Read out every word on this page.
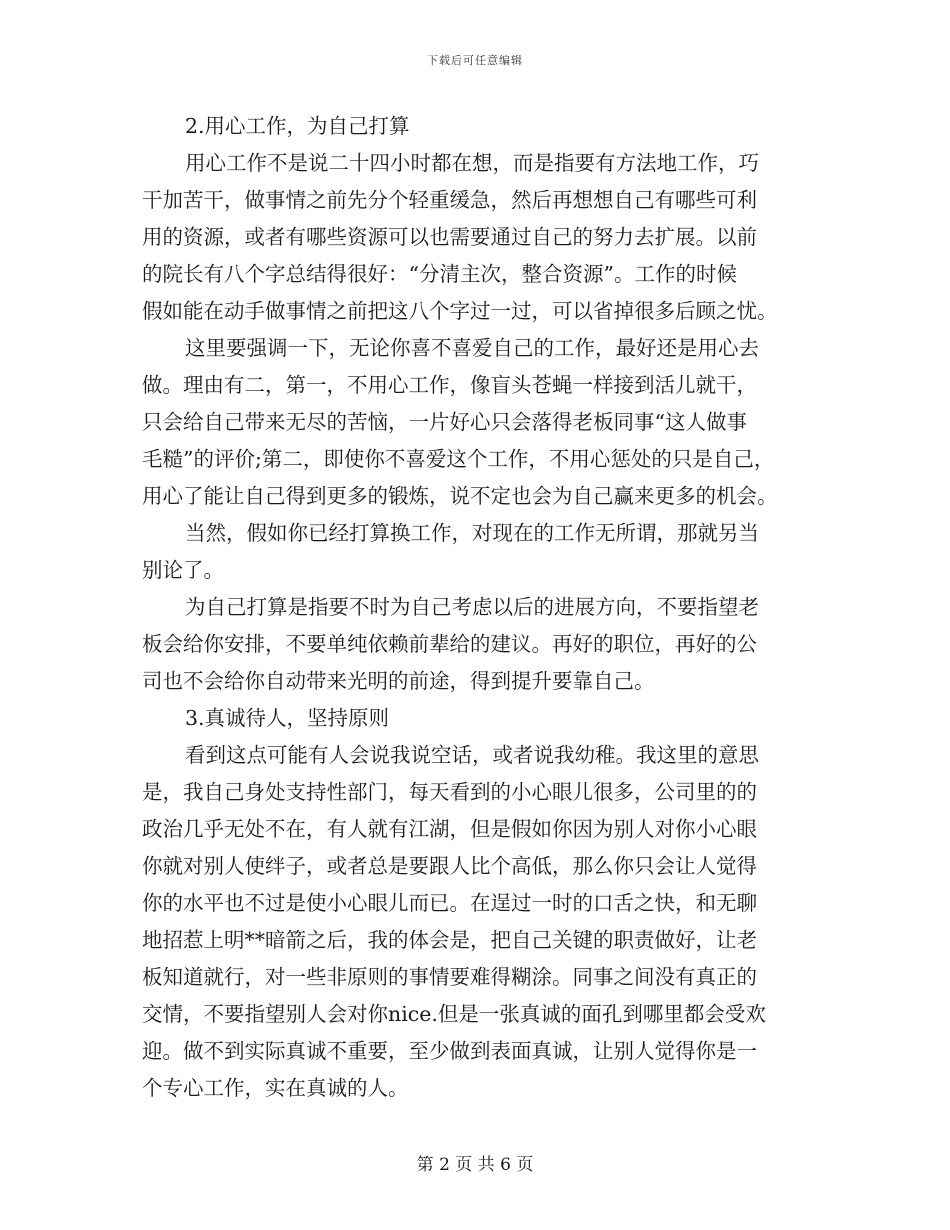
下载后可任意编辑
2.用心工作，为自己打算
用心工作不是说二十四小时都在想，而是指要有方法地工作，巧
干加苦干，做事情之前先分个轻重缓急，然后再想想自己有哪些可利
用的资源，或者有哪些资源可以也需要通过自己的努力去扩展。以前
的院长有八个字总结得很好：“分清主次，整合资源”。工作的时候
假如能在动手做事情之前把这八个字过一过，可以省掉很多后顾之忧。
这里要强调一下，无论你喜不喜爱自己的工作，最好还是用心去
做。理由有二，第一，不用心工作，像盲头苍蝇一样接到活儿就干，
只会给自己带来无尽的苦恼，一片好心只会落得老板同事“这人做事
毛糙”的评价;第二，即使你不喜爱这个工作，不用心惩处的只是自己，
用心了能让自己得到更多的锻炼，说不定也会为自己赢来更多的机会。
当然，假如你已经打算换工作，对现在的工作无所谓，那就另当
别论了。
为自己打算是指要不时为自己考虑以后的进展方向，不要指望老
板会给你安排，不要单纯依赖前辈给的建议。再好的职位，再好的公
司也不会给你自动带来光明的前途，得到提升要靠自己。
3.真诚待人，坚持原则
看到这点可能有人会说我说空话，或者说我幼稚。我这里的意思
是，我自己身处支持性部门，每天看到的小心眼儿很多，公司里的的
政治几乎无处不在，有人就有江湖，但是假如你因为别人对你小心眼
你就对别人使绊子，或者总是要跟人比个高低，那么你只会让人觉得
你的水平也不过是使小心眼儿而已。在逞过一时的口舌之快，和无聊
地招惹上明**暗箭之后，我的体会是，把自己关键的职责做好，让老
板知道就行，对一些非原则的事情要难得糊涂。同事之间没有真正的
交情，不要指望别人会对你nice.但是一张真诚的面孔到哪里都会受欢
迎。做不到实际真诚不重要，至少做到表面真诚，让别人觉得你是一
个专心工作，实在真诚的人。
第 2 页 共 6 页
